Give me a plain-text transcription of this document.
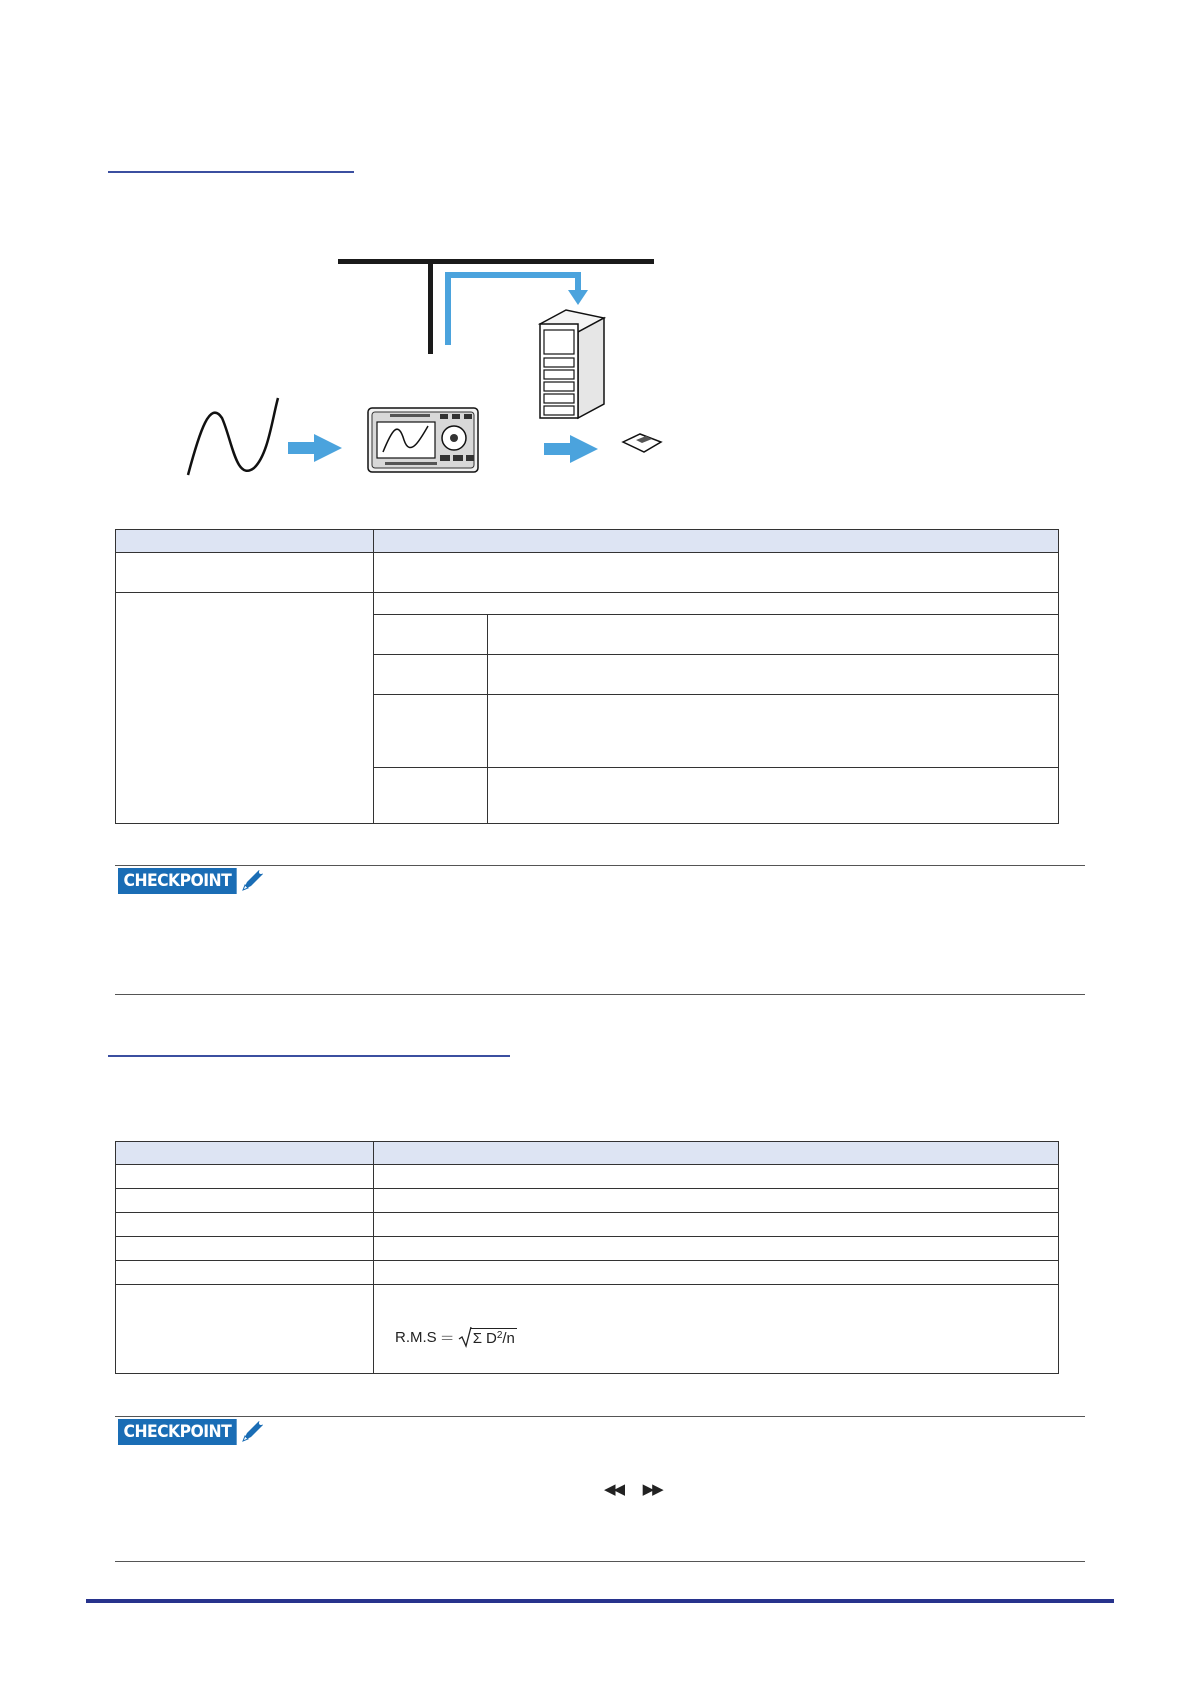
CHECKPOINT

R.M.S ＝ Σ $D^2$ /n
CHECKPOINT
◀◀ ▶▶
